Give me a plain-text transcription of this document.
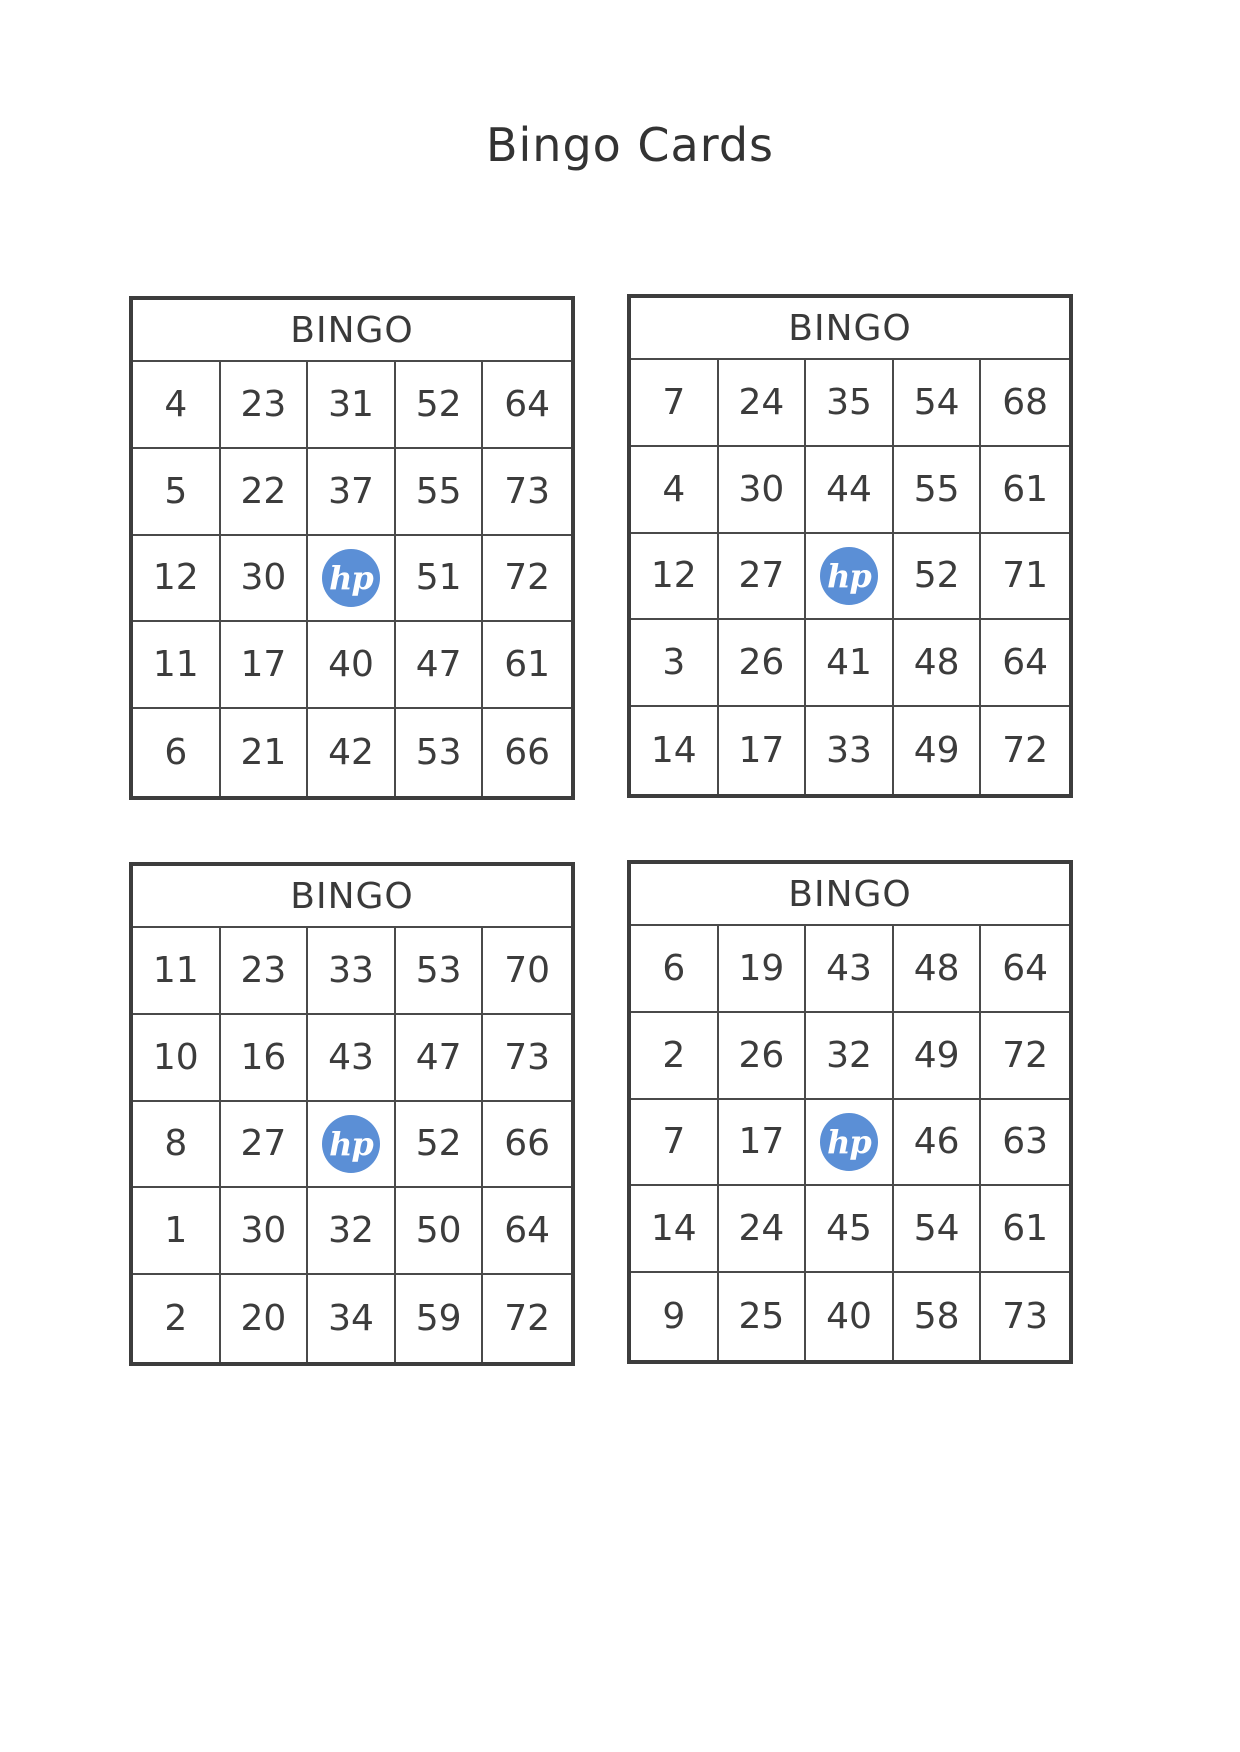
Bingo Cards
BINGO
4	23	31	52	64
5	22	37	55	73
12	30	hp	51	72
11	17	40	47	61
6	21	42	53	66
BINGO
7	24	35	54	68
4	30	44	55	61
12	27	hp	52	71
3	26	41	48	64
14	17	33	49	72
BINGO
11	23	33	53	70
10	16	43	47	73
8	27	hp	52	66
1	30	32	50	64
2	20	34	59	72
BINGO
6	19	43	48	64
2	26	32	49	72
7	17	hp	46	63
14	24	45	54	61
9	25	40	58	73
